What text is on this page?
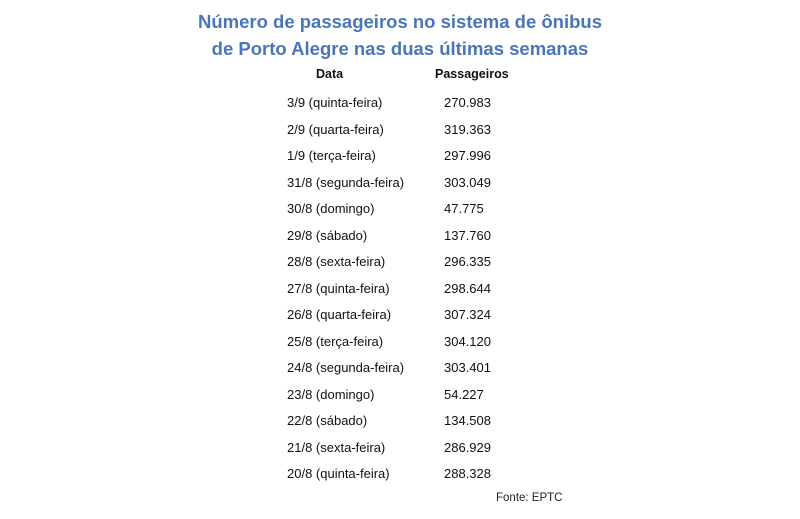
Número de passageiros no sistema de ônibus
de Porto Alegre nas duas últimas semanas
Data	Passageiros
3/9 (quinta-feira)	270.983
2/9 (quarta-feira)	319.363
1/9 (terça-feira)	297.996
31/8 (segunda-feira)	303.049
30/8 (domingo)	47.775
29/8 (sábado)	137.760
28/8 (sexta-feira)	296.335
27/8 (quinta-feira)	298.644
26/8 (quarta-feira)	307.324
25/8 (terça-feira)	304.120
24/8 (segunda-feira)	303.401
23/8 (domingo)	54.227
22/8 (sábado)	134.508
21/8 (sexta-feira)	286.929
20/8 (quinta-feira)	288.328
Fonte: EPTC
